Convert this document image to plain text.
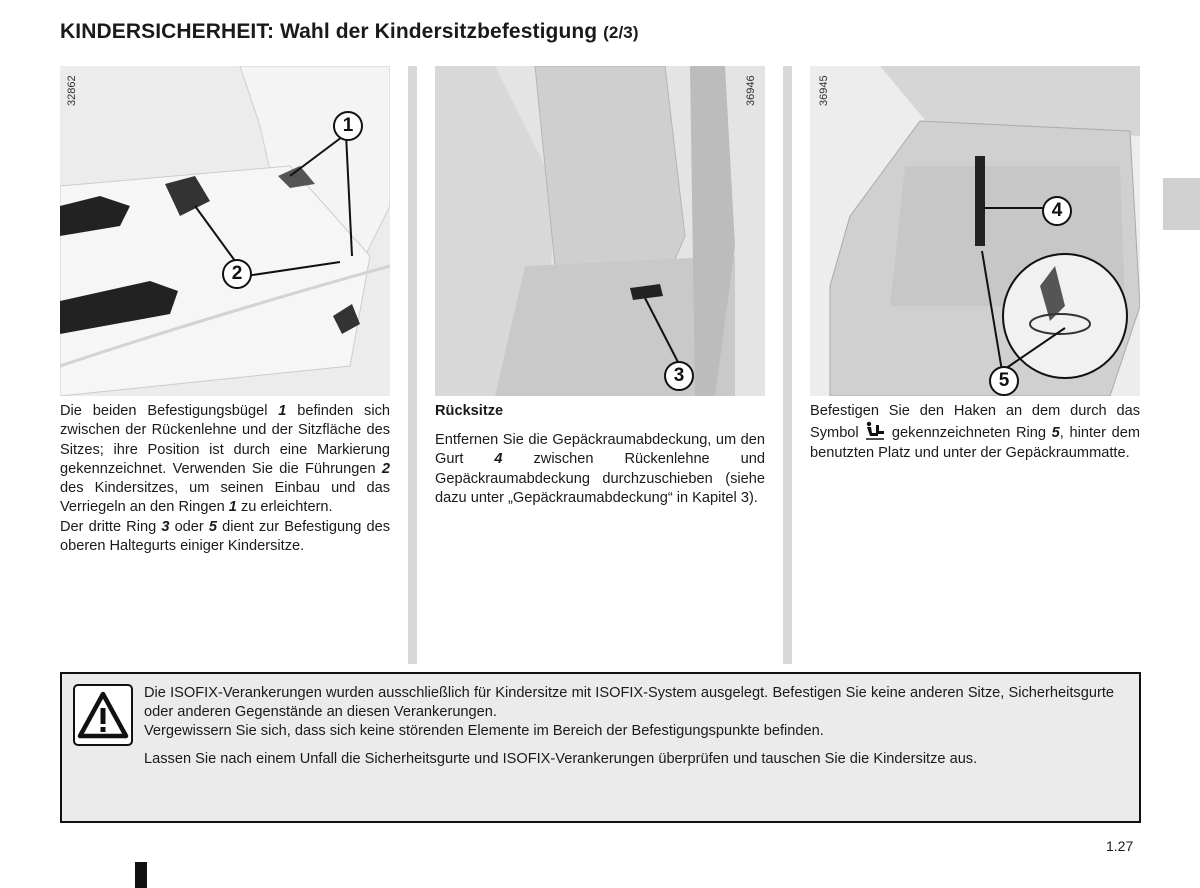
KINDERSICHERHEIT: Wahl der Kindersitzbefestigung (2/3)
1
2
32862
3
36946
4
5
36945
Die beiden Befestigungsbügel 1 befinden sich zwischen der Rückenlehne und der Sitzfläche des Sitzes; ihre Position ist durch eine Markierung gekennzeichnet. Verwenden Sie die Führungen 2 des Kindersitzes, um seinen Einbau und das Verriegeln an den Ringen 1 zu erleichtern.
Der dritte Ring 3 oder 5 dient zur Befestigung des oberen Haltegurts einiger Kindersitze.
Rücksitze
Entfernen Sie die Gepäckraumabdeckung, um den Gurt 4 zwischen Rückenlehne und Gepäckraumabdeckung durchzuschieben (siehe dazu unter „Gepäckraumabdeckung“ in Kapitel 3).
Befestigen Sie den Haken an dem durch das Symbol  gekennzeichneten Ring 5, hinter dem benutzten Platz und unter der Gepäckraummatte.

Die ISOFIX-Verankerungen wurden ausschließlich für Kindersitze mit ISOFIX-System ausgelegt. Befestigen Sie keine anderen Sitze, Sicherheitsgurte oder anderen Gegenstände an diesen Verankerungen.
Vergewissern Sie sich, dass sich keine störenden Elemente im Bereich der Befestigungspunkte befinden.

Lassen Sie nach einem Unfall die Sicherheitsgurte und ISOFIX-Verankerungen überprüfen und tauschen Sie die Kindersitze aus.

1.27
